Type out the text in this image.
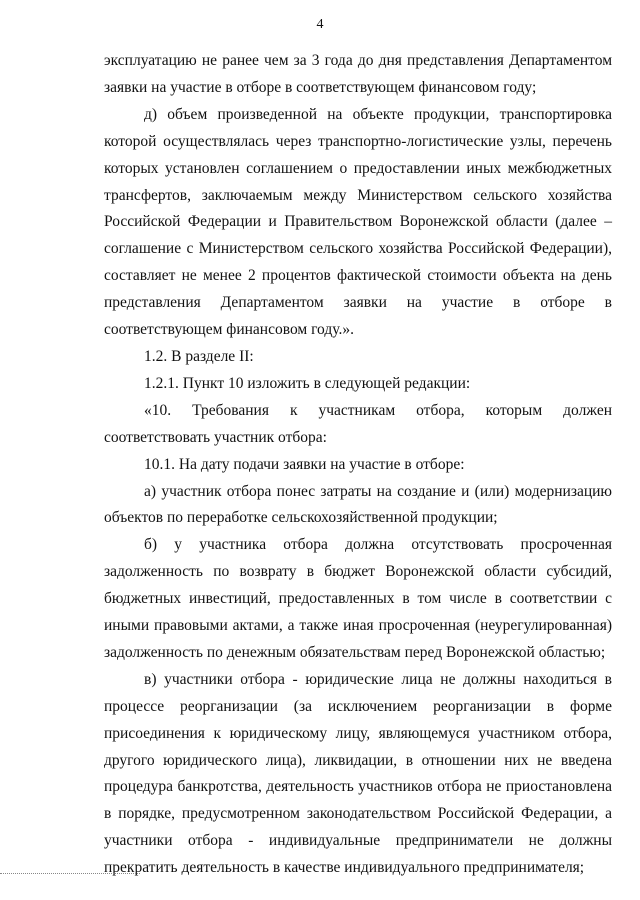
4

эксплуатацию не ранее чем за 3 года до дня представления Департаментом заявки на участие в отборе в соответствующем финансовом году;

д) объем произведенной на объекте продукции, транспортировка которой осуществлялась через транспортно-логистические узлы, перечень которых установлен соглашением о предоставлении иных межбюджетных трансфертов, заключаемым между Министерством сельского хозяйства Российской Федерации и Правительством Воронежской области (далее – соглашение с Министерством сельского хозяйства Российской Федерации), составляет не менее 2 процентов фактической стоимости объекта на день представления Департаментом заявки на участие в отборе в соответствующем финансовом году.».

1.2. В разделе II:

1.2.1. Пункт 10 изложить в следующей редакции:

«10. Требования к участникам отбора, которым должен соответствовать участник отбора:

10.1. На дату подачи заявки на участие в отборе:

а) участник отбора понес затраты на создание и (или) модернизацию объектов по переработке сельскохозяйственной продукции;

б) у участника отбора должна отсутствовать просроченная задолженность по возврату в бюджет Воронежской области субсидий, бюджетных инвестиций, предоставленных в том числе в соответствии с иными правовыми актами, а также иная просроченная (неурегулированная) задолженность по денежным обязательствам перед Воронежской областью;

в) участники отбора - юридические лица не должны находиться в процессе реорганизации (за исключением реорганизации в форме присоединения к юридическому лицу, являющемуся участником отбора, другого юридического лица), ликвидации, в отношении них не введена процедура банкротства, деятельность участников отбора не приостановлена в порядке, предусмотренном законодательством Российской Федерации, а участники отбора - индивидуальные предприниматели не должны прекратить деятельность в качестве индивидуального предпринимателя;
